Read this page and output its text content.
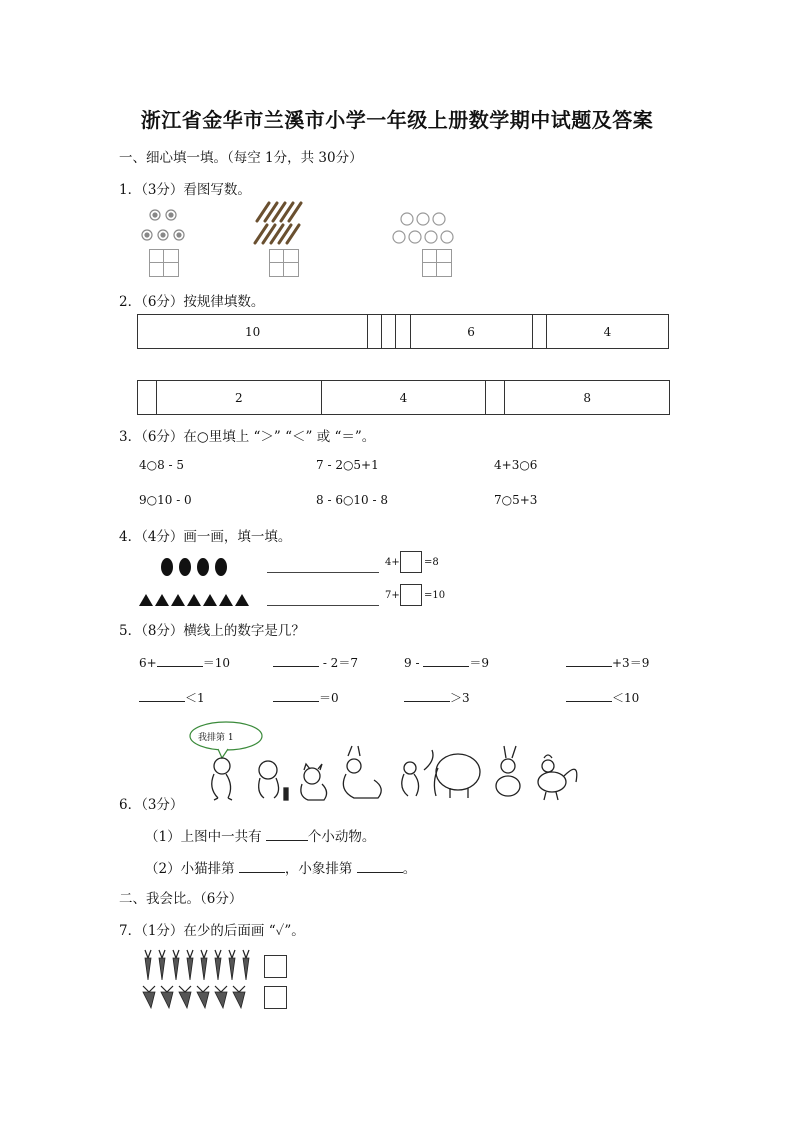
浙江省金华市兰溪市小学一年级上册数学期中试题及答案
一、细心填一填。（每空 1分，共 30分）
1．（3分）看图写数。
2．（6分）按规律填数。
10				6		4
	2	4		8
3．（6分）在○里填上 “＞” “＜” 或 “＝”。
4○8 - 5	7 - 2○5+1	4+3○6
9○10 - 0	8 - 6○10 - 8	7○5+3
4．（4分）画一画，填一填。
4+ =8
7+ =10
5．（8分）横线上的数字是几？
6+	＝10	- 2＝7	9 -	＝9	+3＝9
＜1	＝0	＞3	＜10
我排第 1
6．（3分）
（1）上图中一共有	个小动物。
（2）小猫排第	，小象排第	。
二、我会比。（6分）
7．（1分）在少的后面画 “✓”。
